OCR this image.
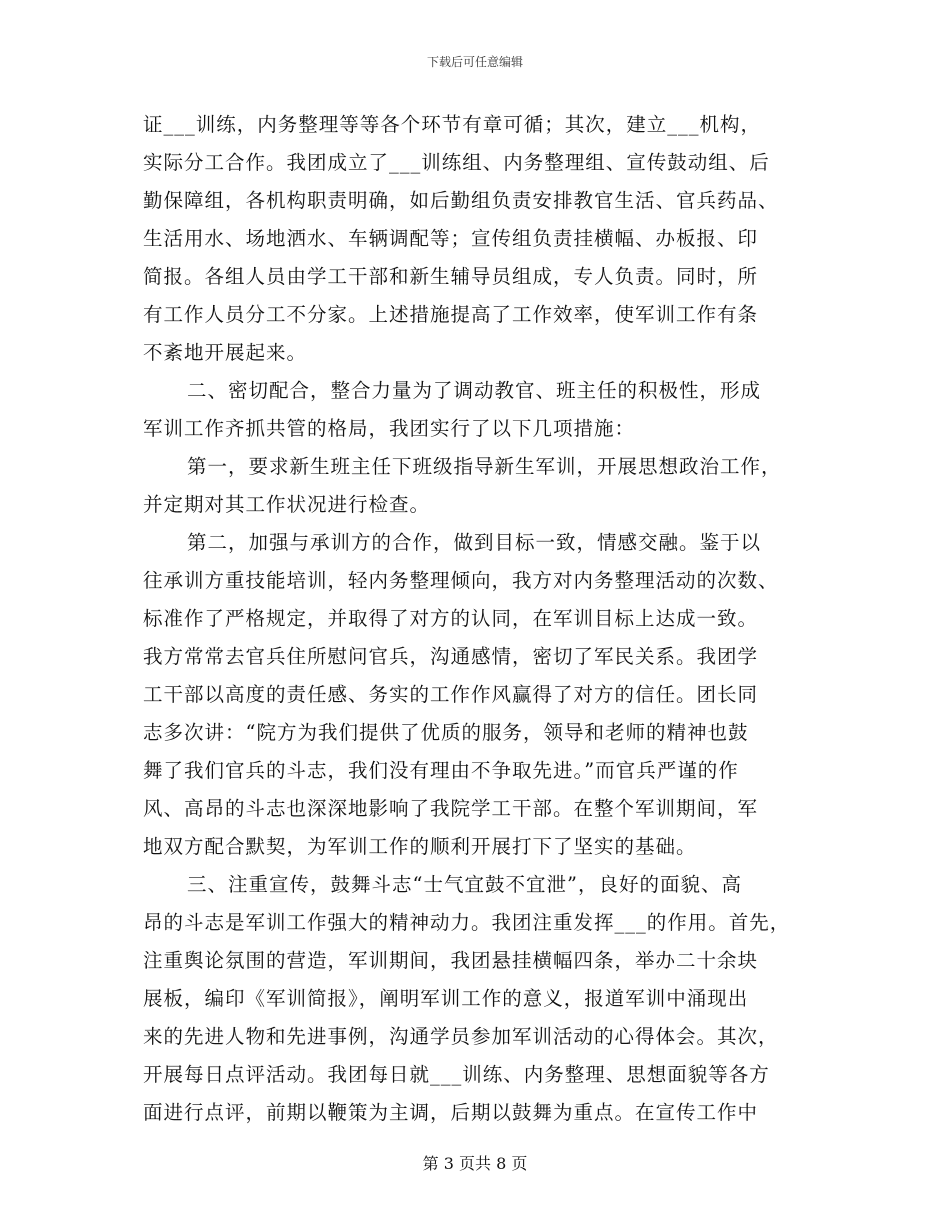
下载后可任意编辑
证___训练，内务整理等等各个环节有章可循；其次，建立___机构，
实际分工合作。我团成立了___训练组、内务整理组、宣传鼓动组、后
勤保障组，各机构职责明确，如后勤组负责安排教官生活、官兵药品、
生活用水、场地洒水、车辆调配等；宣传组负责挂横幅、办板报、印
简报。各组人员由学工干部和新生辅导员组成，专人负责。同时，所
有工作人员分工不分家。上述措施提高了工作效率，使军训工作有条
不紊地开展起来。
二、密切配合，整合力量为了调动教官、班主任的积极性，形成
军训工作齐抓共管的格局，我团实行了以下几项措施：
第一，要求新生班主任下班级指导新生军训，开展思想政治工作，
并定期对其工作状况进行检查。
第二，加强与承训方的合作，做到目标一致，情感交融。鉴于以
往承训方重技能培训，轻内务整理倾向，我方对内务整理活动的次数、
标准作了严格规定，并取得了对方的认同，在军训目标上达成一致。
我方常常去官兵住所慰问官兵，沟通感情，密切了军民关系。我团学
工干部以高度的责任感、务实的工作作风赢得了对方的信任。团长同
志多次讲：“院方为我们提供了优质的服务，领导和老师的精神也鼓
舞了我们官兵的斗志，我们没有理由不争取先进。”而官兵严谨的作
风、高昂的斗志也深深地影响了我院学工干部。在整个军训期间，军
地双方配合默契，为军训工作的顺利开展打下了坚实的基础。
三、注重宣传，鼓舞斗志“士气宜鼓不宜泄”，良好的面貌、高
昂的斗志是军训工作强大的精神动力。我团注重发挥___的作用。首先，
注重舆论氛围的营造，军训期间，我团悬挂横幅四条，举办二十余块
展板，编印《军训简报》，阐明军训工作的意义，报道军训中涌现出
来的先进人物和先进事例，沟通学员参加军训活动的心得体会。其次，
开展每日点评活动。我团每日就___训练、内务整理、思想面貌等各方
面进行点评，前期以鞭策为主调，后期以鼓舞为重点。在宣传工作中
第 3 页共 8 页
